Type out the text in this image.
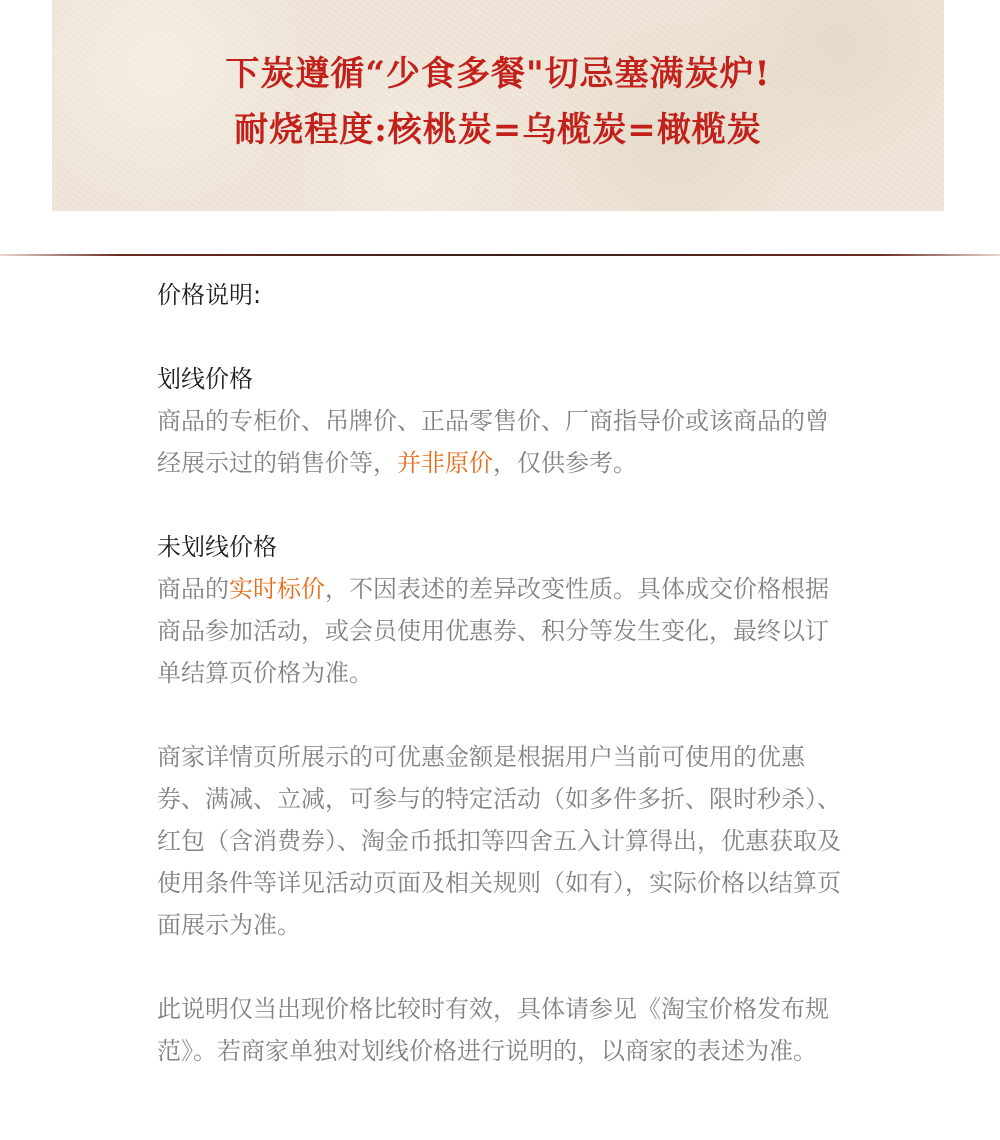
下炭遵循“少食多餐"切忌塞满炭炉!
耐烧程度:核桃炭=乌榄炭=橄榄炭

价格说明:

划线价格

商品的专柜价、吊牌价、正品零售价、厂商指导价或该商品的曾经展示过的销售价等，并非原价，仅供参考。

未划线价格

商品的实时标价，不因表述的差异改变性质。具体成交价格根据商品参加活动，或会员使用优惠券、积分等发生变化，最终以订单结算页价格为准。

商家详情页所展示的可优惠金额是根据用户当前可使用的优惠券、满减、立减，可参与的特定活动（如多件多折、限时秒杀）、红包（含消费券）、淘金币抵扣等四舍五入计算得出，优惠获取及使用条件等详见活动页面及相关规则（如有），实际价格以结算页面展示为准。

此说明仅当出现价格比较时有效，具体请参见《淘宝价格发布规范》。若商家单独对划线价格进行说明的，以商家的表述为准。
